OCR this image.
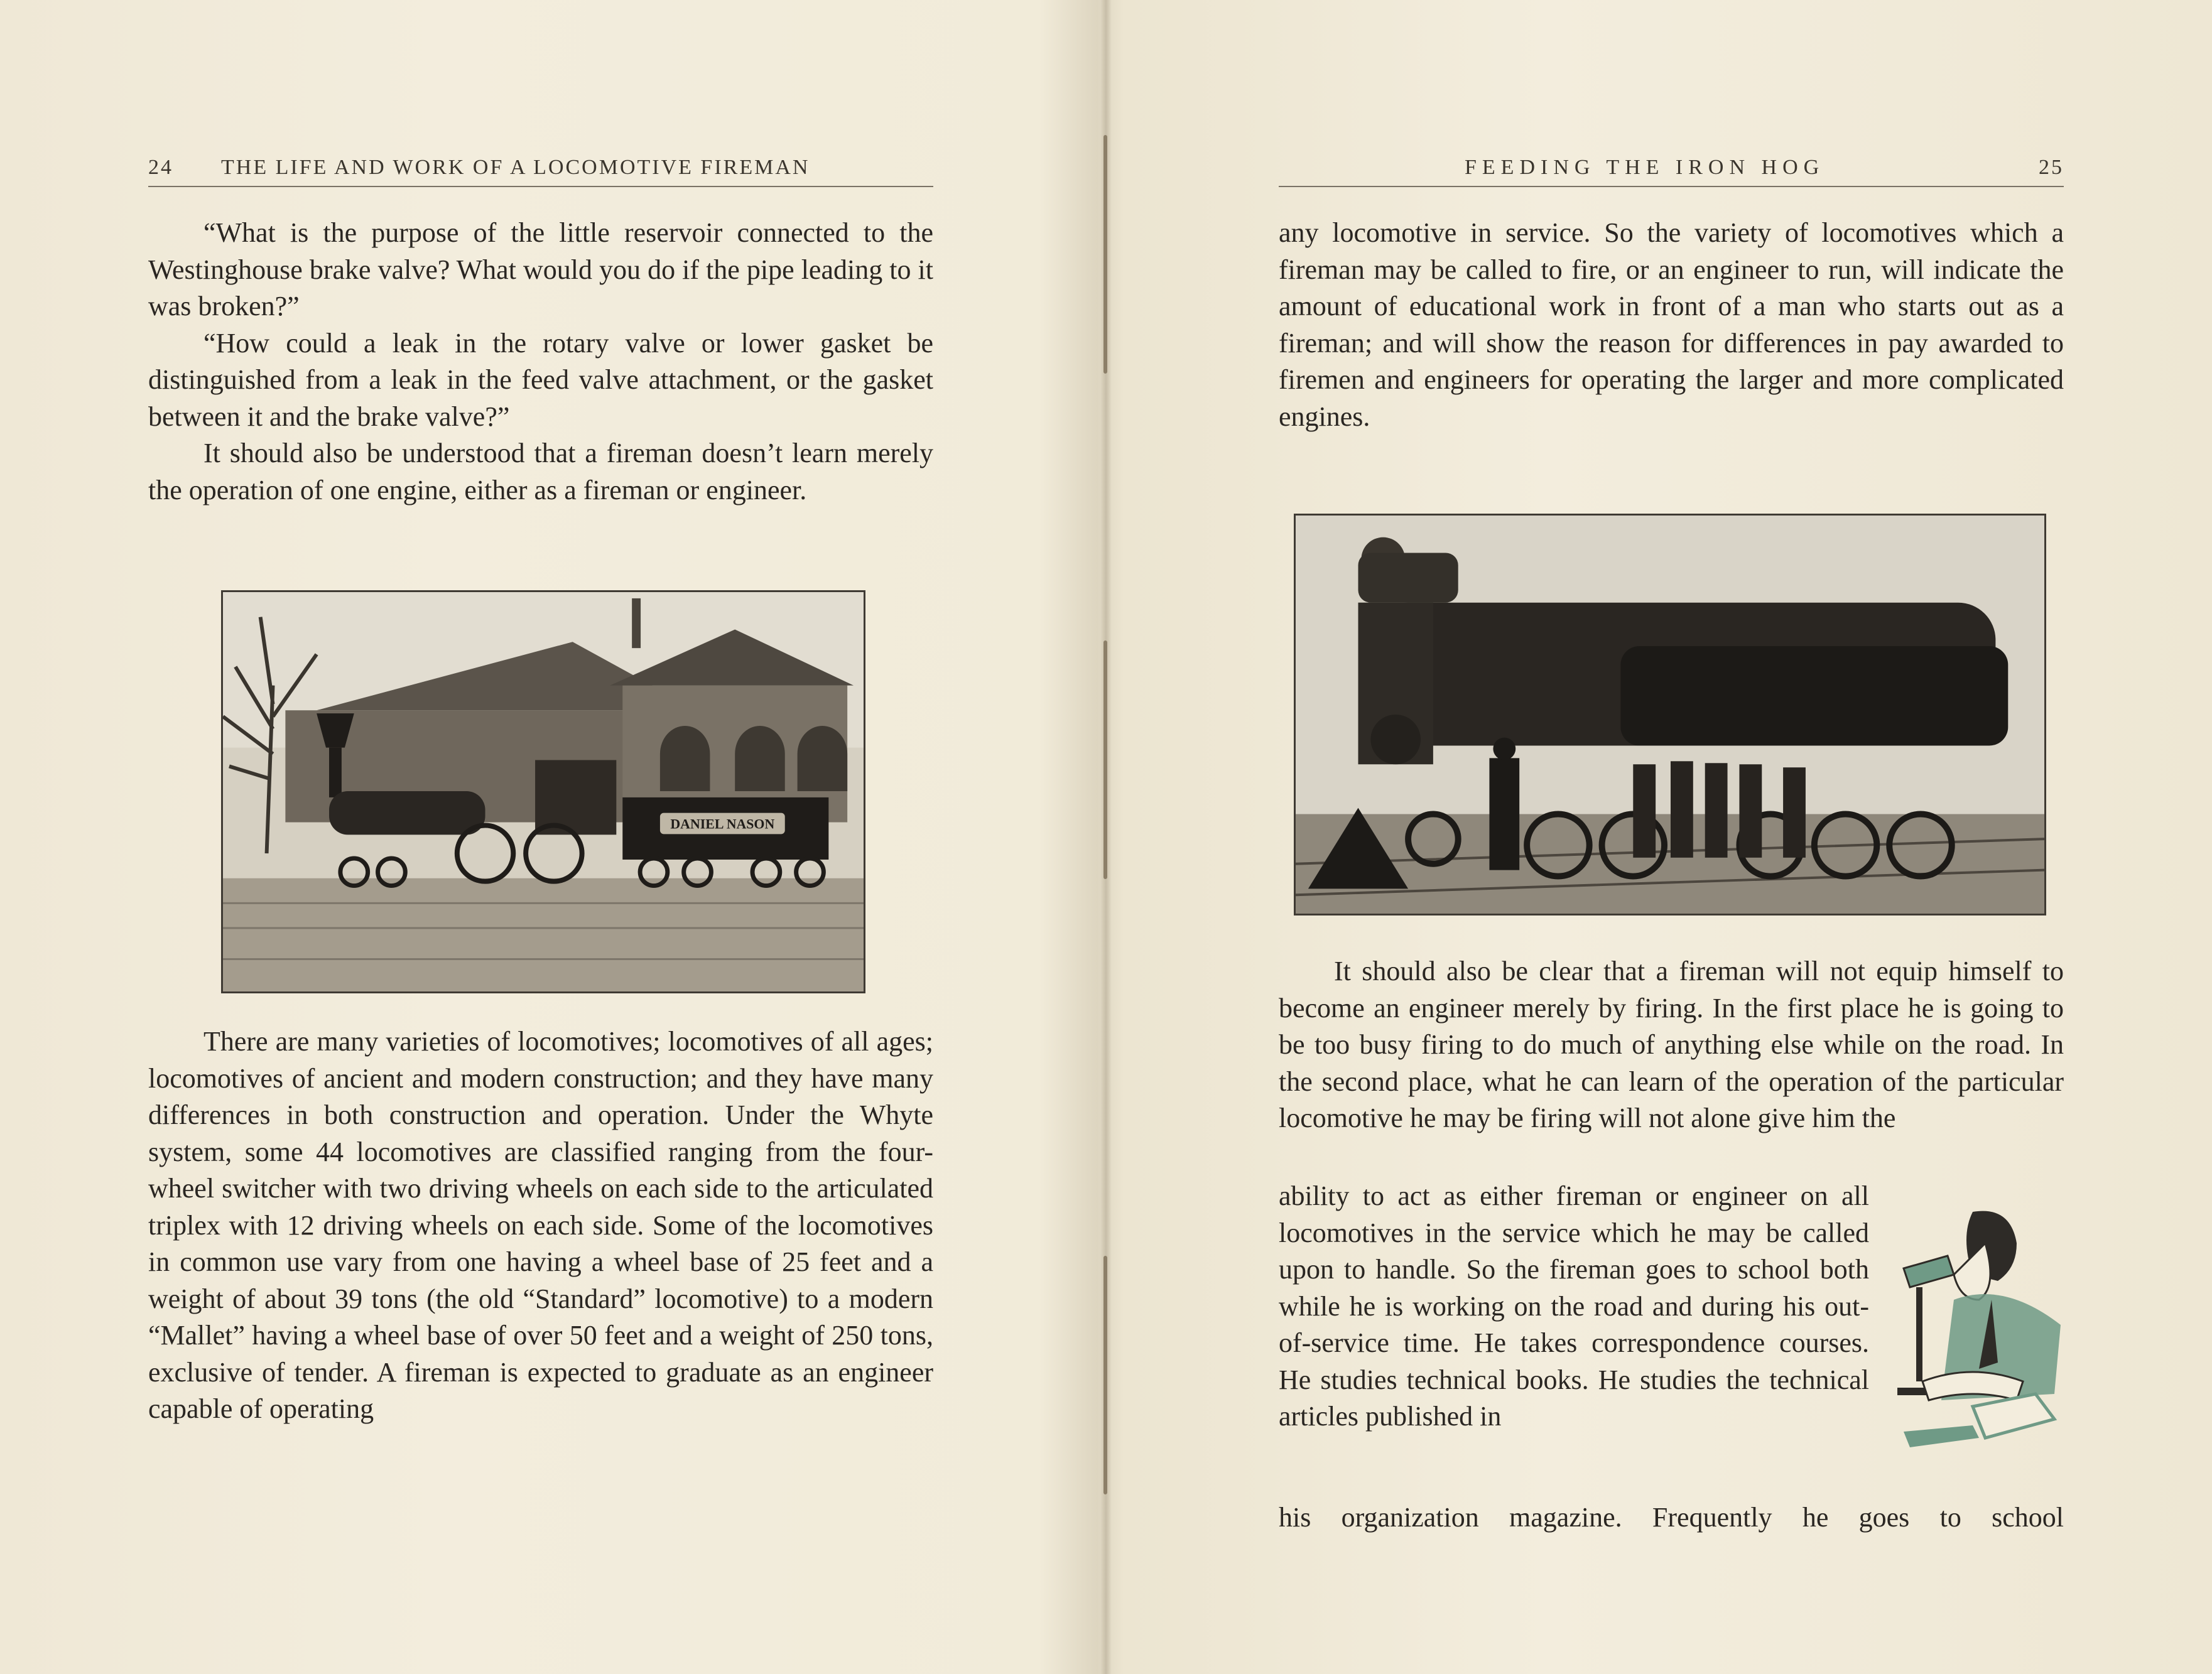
24 THE LIFE AND WORK OF A LOCOMOTIVE FIREMAN

“What is the purpose of the little reservoir connected to the Westinghouse brake valve? What would you do if the pipe leading to it was broken?”

“How could a leak in the rotary valve or lower gasket be distinguished from a leak in the feed valve attachment, or the gasket between it and the brake valve?”

It should also be understood that a fireman doesn’t learn merely the operation of one engine, either as a fireman or engineer.

DANIEL NASON

There are many varieties of locomotives; locomotives of all ages; locomotives of ancient and modern construction; and they have many differences in both construction and operation. Under the Whyte system, some 44 locomotives are classified ranging from the four-wheel switcher with two driving wheels on each side to the articulated triplex with 12 driving wheels on each side. Some of the locomotives in common use vary from one having a wheel base of 25 feet and a weight of about 39 tons (the old “Standard” locomotive) to a modern “Mallet” having a wheel base of over 50 feet and a weight of 250 tons, exclusive of tender. A fireman is expected to graduate as an engineer capable of operating

FEEDING THE IRON HOG	25

any locomotive in service. So the variety of locomotives which a fireman may be called to fire, or an engineer to run, will indicate the amount of educational work in front of a man who starts out as a fireman; and will show the reason for differences in pay awarded to firemen and engineers for operating the larger and more complicated engines.

It should also be clear that a fireman will not equip himself to become an engineer merely by firing. In the first place he is going to be too busy firing to do much of anything else while on the road. In the second place, what he can learn of the operation of the particular locomotive he may be firing will not alone give him the

ability to act as either fireman or engineer on all locomotives in the service which he may be called upon to handle. So the fireman goes to school both while he is working on the road and during his out-of-service time. He takes correspondence courses. He studies technical books. He studies the technical articles published in

his organization magazine. Frequently he goes to school
